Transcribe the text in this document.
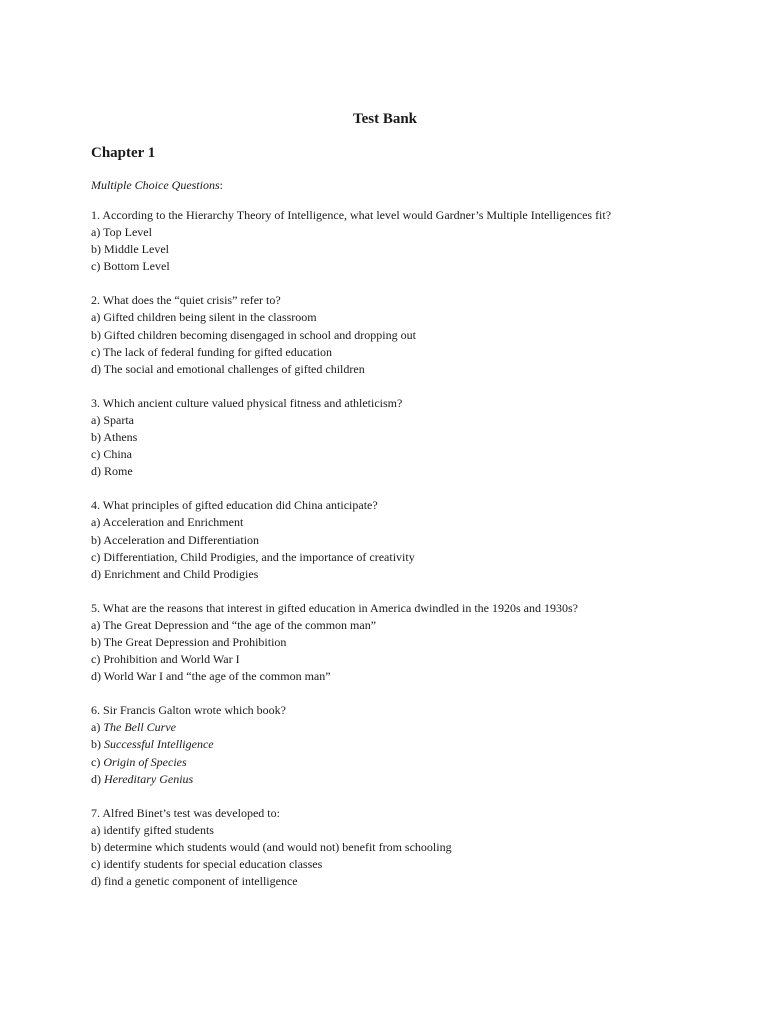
Test Bank
Chapter 1

Multiple Choice Questions:

1. According to the Hierarchy Theory of Intelligence, what level would Gardner’s Multiple Intelligences fit?
a) Top Level
b) Middle Level
c) Bottom Level
2. What does the “quiet crisis” refer to?
a) Gifted children being silent in the classroom
b) Gifted children becoming disengaged in school and dropping out
c) The lack of federal funding for gifted education
d) The social and emotional challenges of gifted children
3. Which ancient culture valued physical fitness and athleticism?
a) Sparta
b) Athens
c) China
d) Rome
4. What principles of gifted education did China anticipate?
a) Acceleration and Enrichment
b) Acceleration and Differentiation
c) Differentiation, Child Prodigies, and the importance of creativity
d) Enrichment and Child Prodigies
5. What are the reasons that interest in gifted education in America dwindled in the 1920s and 1930s?
a) The Great Depression and “the age of the common man”
b) The Great Depression and Prohibition
c) Prohibition and World War I
d) World War I and “the age of the common man”
6. Sir Francis Galton wrote which book?
a) The Bell Curve
b) Successful Intelligence
c) Origin of Species
d) Hereditary Genius
7. Alfred Binet’s test was developed to:
a) identify gifted students
b) determine which students would (and would not) benefit from schooling
c) identify students for special education classes
d) find a genetic component of intelligence
